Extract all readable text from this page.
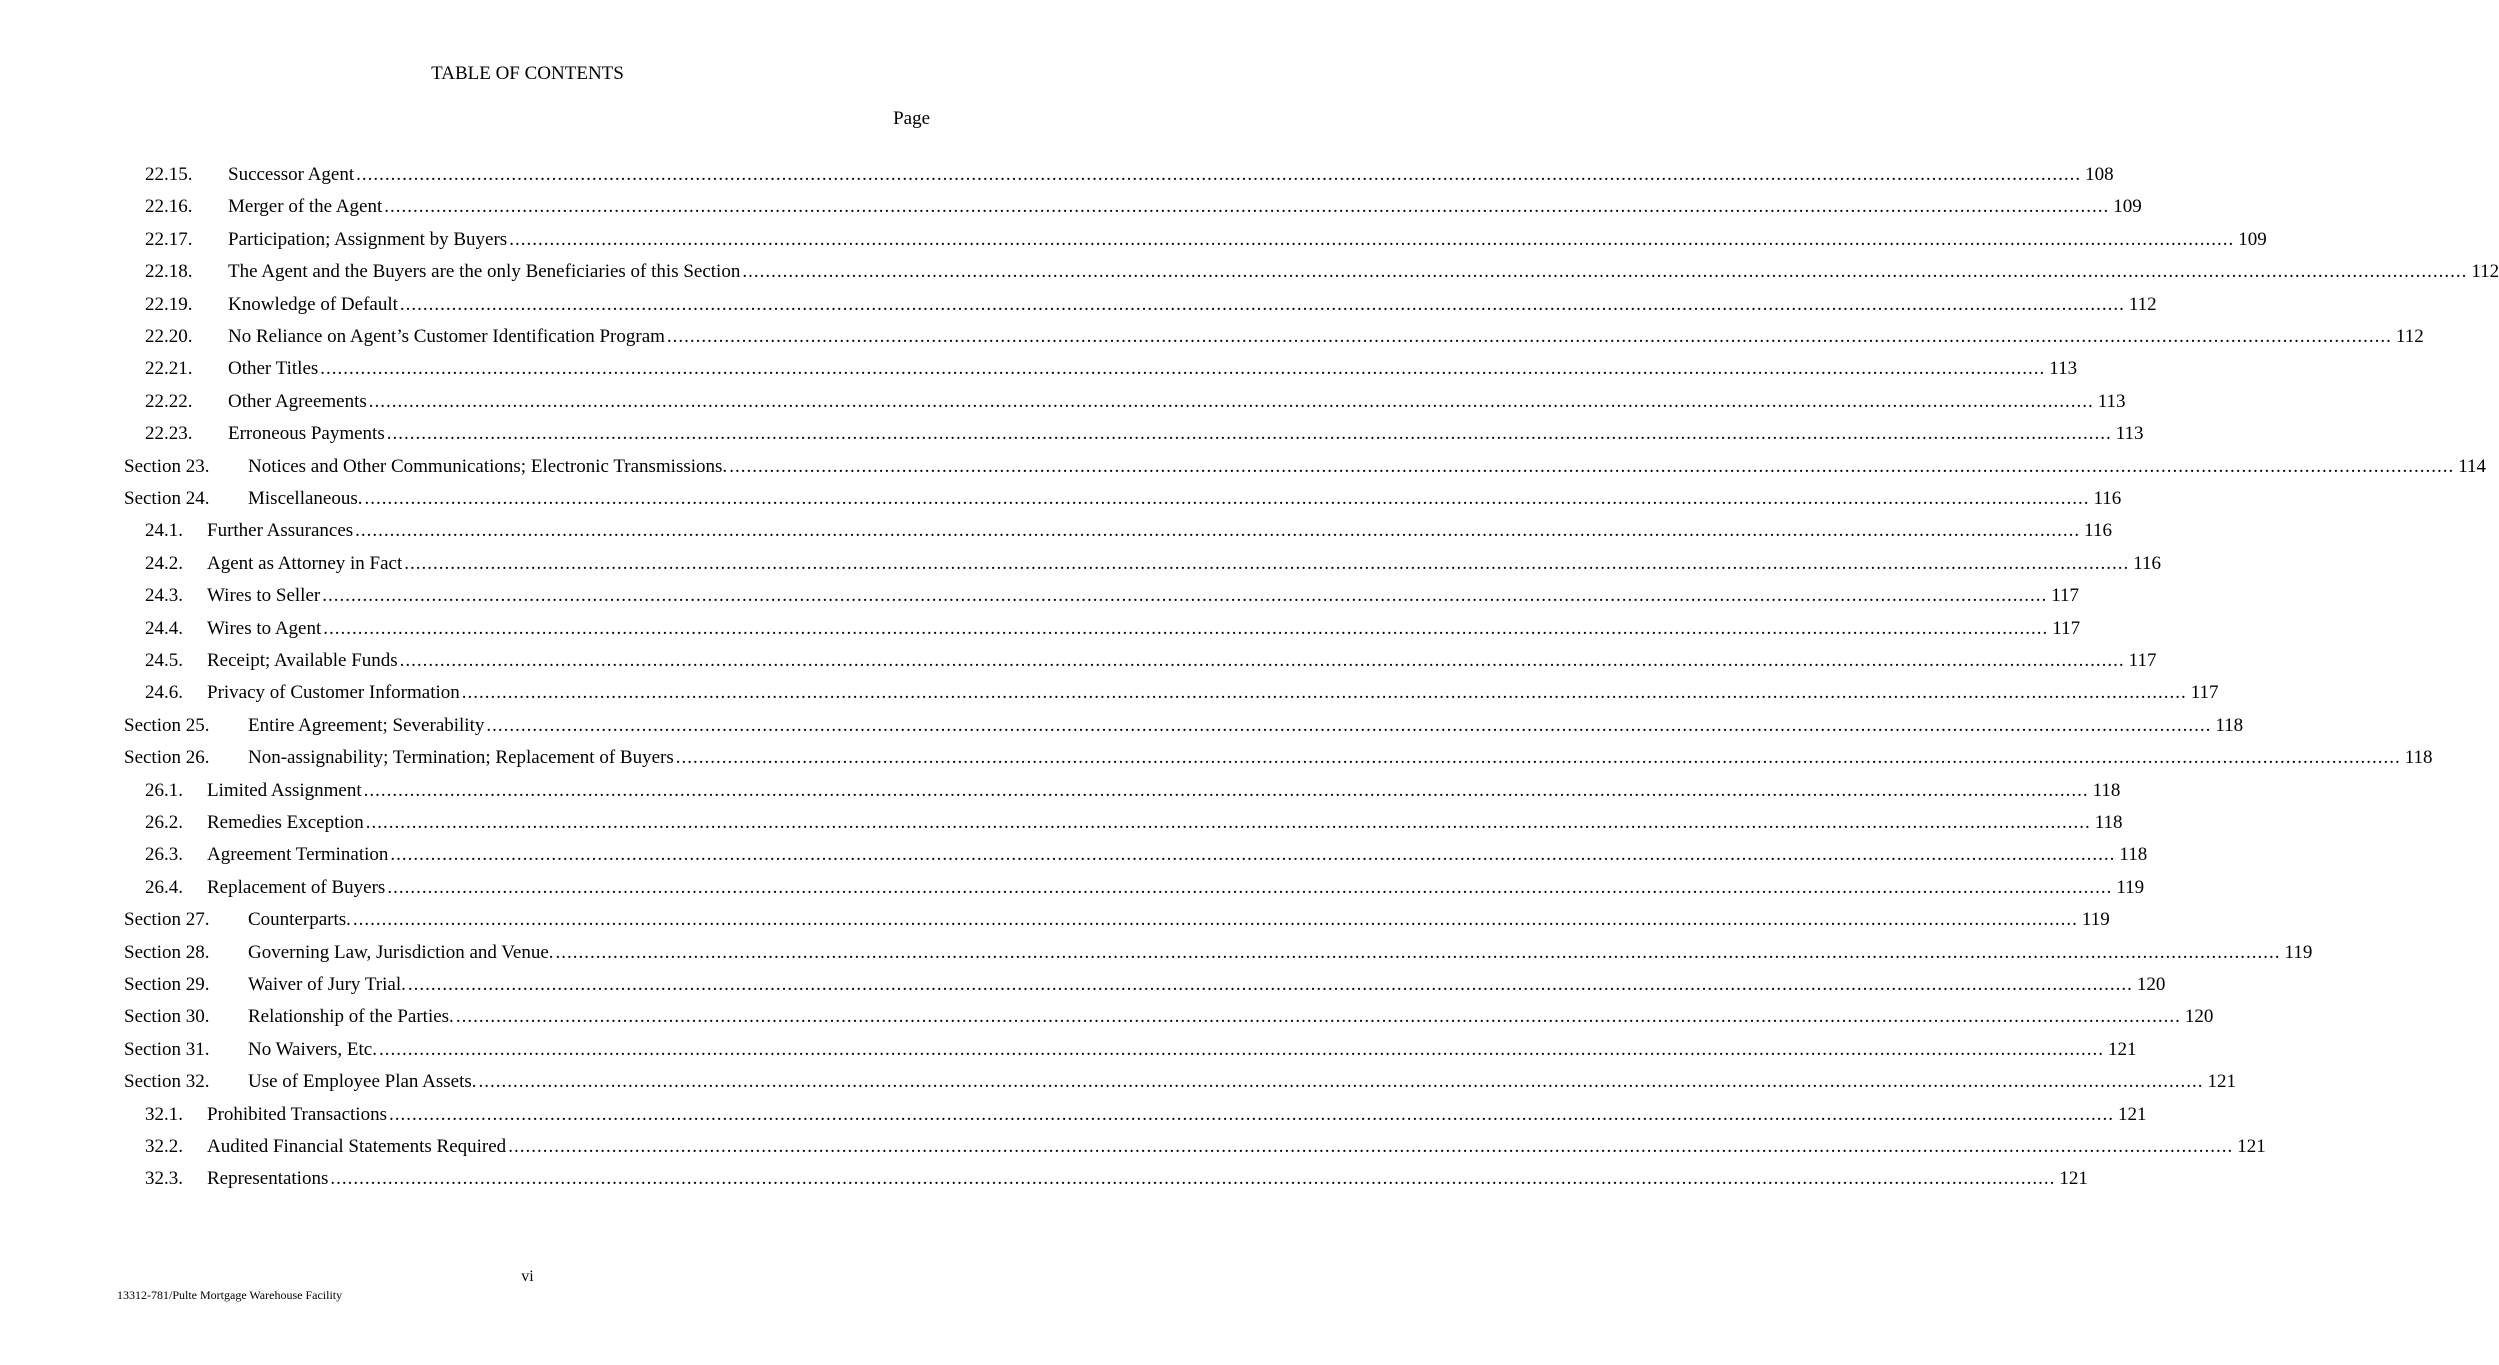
TABLE OF CONTENTS
Page
22.15. Successor Agent ............................................................................................................................................................................................................................................................................................................ 108
22.16. Merger of the Agent ............................................................................................................................................................................................................................................................................................................ 109
22.17. Participation; Assignment by Buyers ............................................................................................................................................................................................................................................................................................................ 109
22.18. The Agent and the Buyers are the only Beneficiaries of this Section ............................................................................................................................................................................................................................................................................................................ 112
22.19. Knowledge of Default ............................................................................................................................................................................................................................................................................................................ 112
22.20. No Reliance on Agent’s Customer Identification Program ............................................................................................................................................................................................................................................................................................................ 112
22.21. Other Titles ............................................................................................................................................................................................................................................................................................................ 113
22.22. Other Agreements ............................................................................................................................................................................................................................................................................................................ 113
22.23. Erroneous Payments ............................................................................................................................................................................................................................................................................................................ 113
Section 23. Notices and Other Communications; Electronic Transmissions. ............................................................................................................................................................................................................................................................................................................ 114
Section 24. Miscellaneous. ............................................................................................................................................................................................................................................................................................................ 116
24.1. Further Assurances ............................................................................................................................................................................................................................................................................................................ 116
24.2. Agent as Attorney in Fact ............................................................................................................................................................................................................................................................................................................ 116
24.3. Wires to Seller ............................................................................................................................................................................................................................................................................................................ 117
24.4. Wires to Agent ............................................................................................................................................................................................................................................................................................................ 117
24.5. Receipt; Available Funds ............................................................................................................................................................................................................................................................................................................ 117
24.6. Privacy of Customer Information ............................................................................................................................................................................................................................................................................................................ 117
Section 25. Entire Agreement; Severability ............................................................................................................................................................................................................................................................................................................ 118
Section 26. Non-assignability; Termination; Replacement of Buyers ............................................................................................................................................................................................................................................................................................................ 118
26.1. Limited Assignment ............................................................................................................................................................................................................................................................................................................ 118
26.2. Remedies Exception ............................................................................................................................................................................................................................................................................................................ 118
26.3. Agreement Termination ............................................................................................................................................................................................................................................................................................................ 118
26.4. Replacement of Buyers ............................................................................................................................................................................................................................................................................................................ 119
Section 27. Counterparts. ............................................................................................................................................................................................................................................................................................................ 119
Section 28. Governing Law, Jurisdiction and Venue. ............................................................................................................................................................................................................................................................................................................ 119
Section 29. Waiver of Jury Trial. ............................................................................................................................................................................................................................................................................................................ 120
Section 30. Relationship of the Parties. ............................................................................................................................................................................................................................................................................................................ 120
Section 31. No Waivers, Etc. ............................................................................................................................................................................................................................................................................................................ 121
Section 32. Use of Employee Plan Assets. ............................................................................................................................................................................................................................................................................................................ 121
32.1. Prohibited Transactions ............................................................................................................................................................................................................................................................................................................ 121
32.2. Audited Financial Statements Required ............................................................................................................................................................................................................................................................................................................ 121
32.3. Representations ............................................................................................................................................................................................................................................................................................................ 121
vi
13312-781/Pulte Mortgage Warehouse Facility
